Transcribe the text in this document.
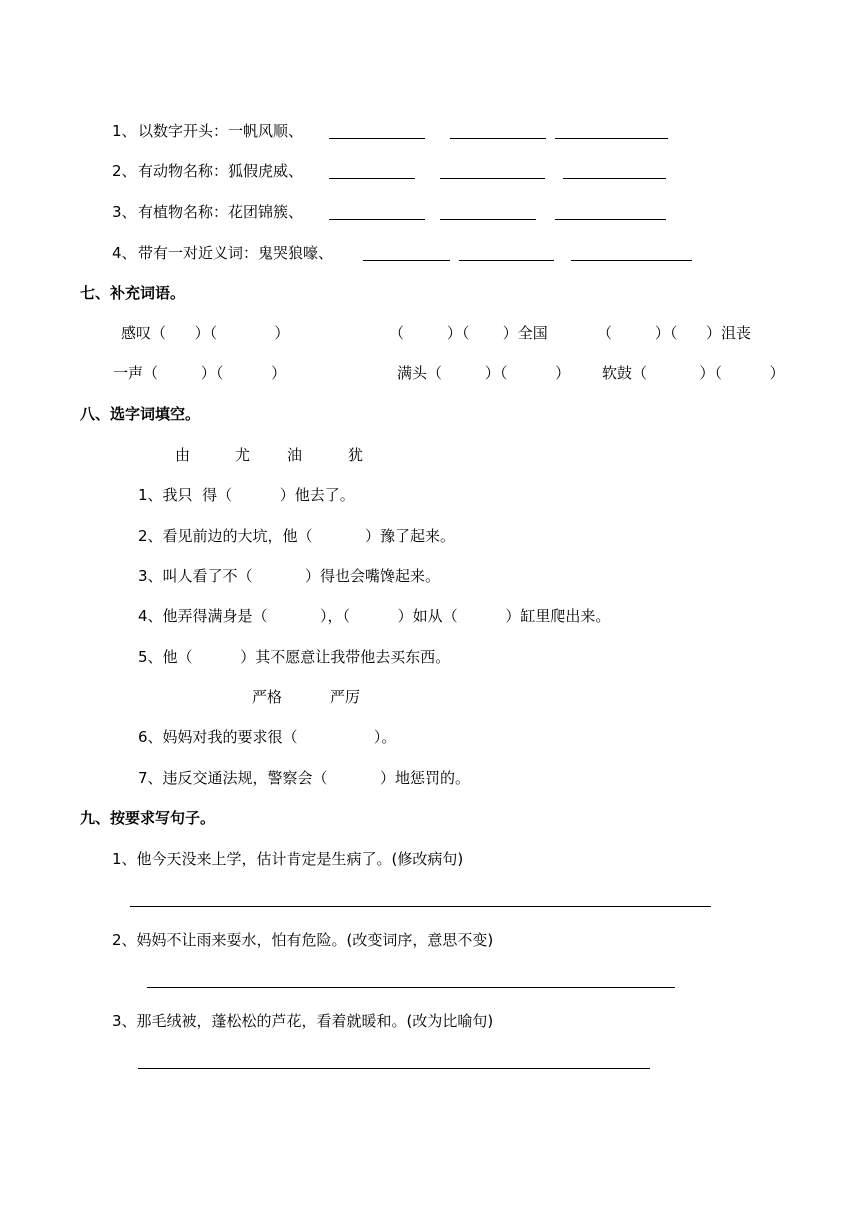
1、 以数字开头： 一帆风顺、
2、 有动物名称： 狐假虎威、
3、 有植物名称： 花团锦簇、
4、 带有一对近义词： 鬼哭狼嚎、
七、补充词语。
感叹（      ）（            ）	（         ）（       ）全国	（         ）（      ）沮丧
一声（         ）（          ）	满头（         ）（          ） 软鼓（           ）（          ）
八、选字词填空。
由	尤 油	犹
1、我只  得（          ）他去了。
2、看见前边的大坑，他（           ）豫了起来。
3、叫人看了不（           ）得也会嘴馋起来。
4、他弄得满身是（           ），（          ）如从（          ）缸里爬出来。
5、他（          ）其不愿意让我带他去买东西。
严格	严厉
6、妈妈对我的要求很（                ）。
7、违反交通法规，警察会（           ）地惩罚的。
九、按要求写句子。
1、他今天没来上学，估计肯定是生病了。(修改病句)
2、妈妈不让雨来耍水，怕有危险。(改变词序，意思不变)
3、那毛绒被，蓬松松的芦花，看着就暖和。(改为比喻句)
